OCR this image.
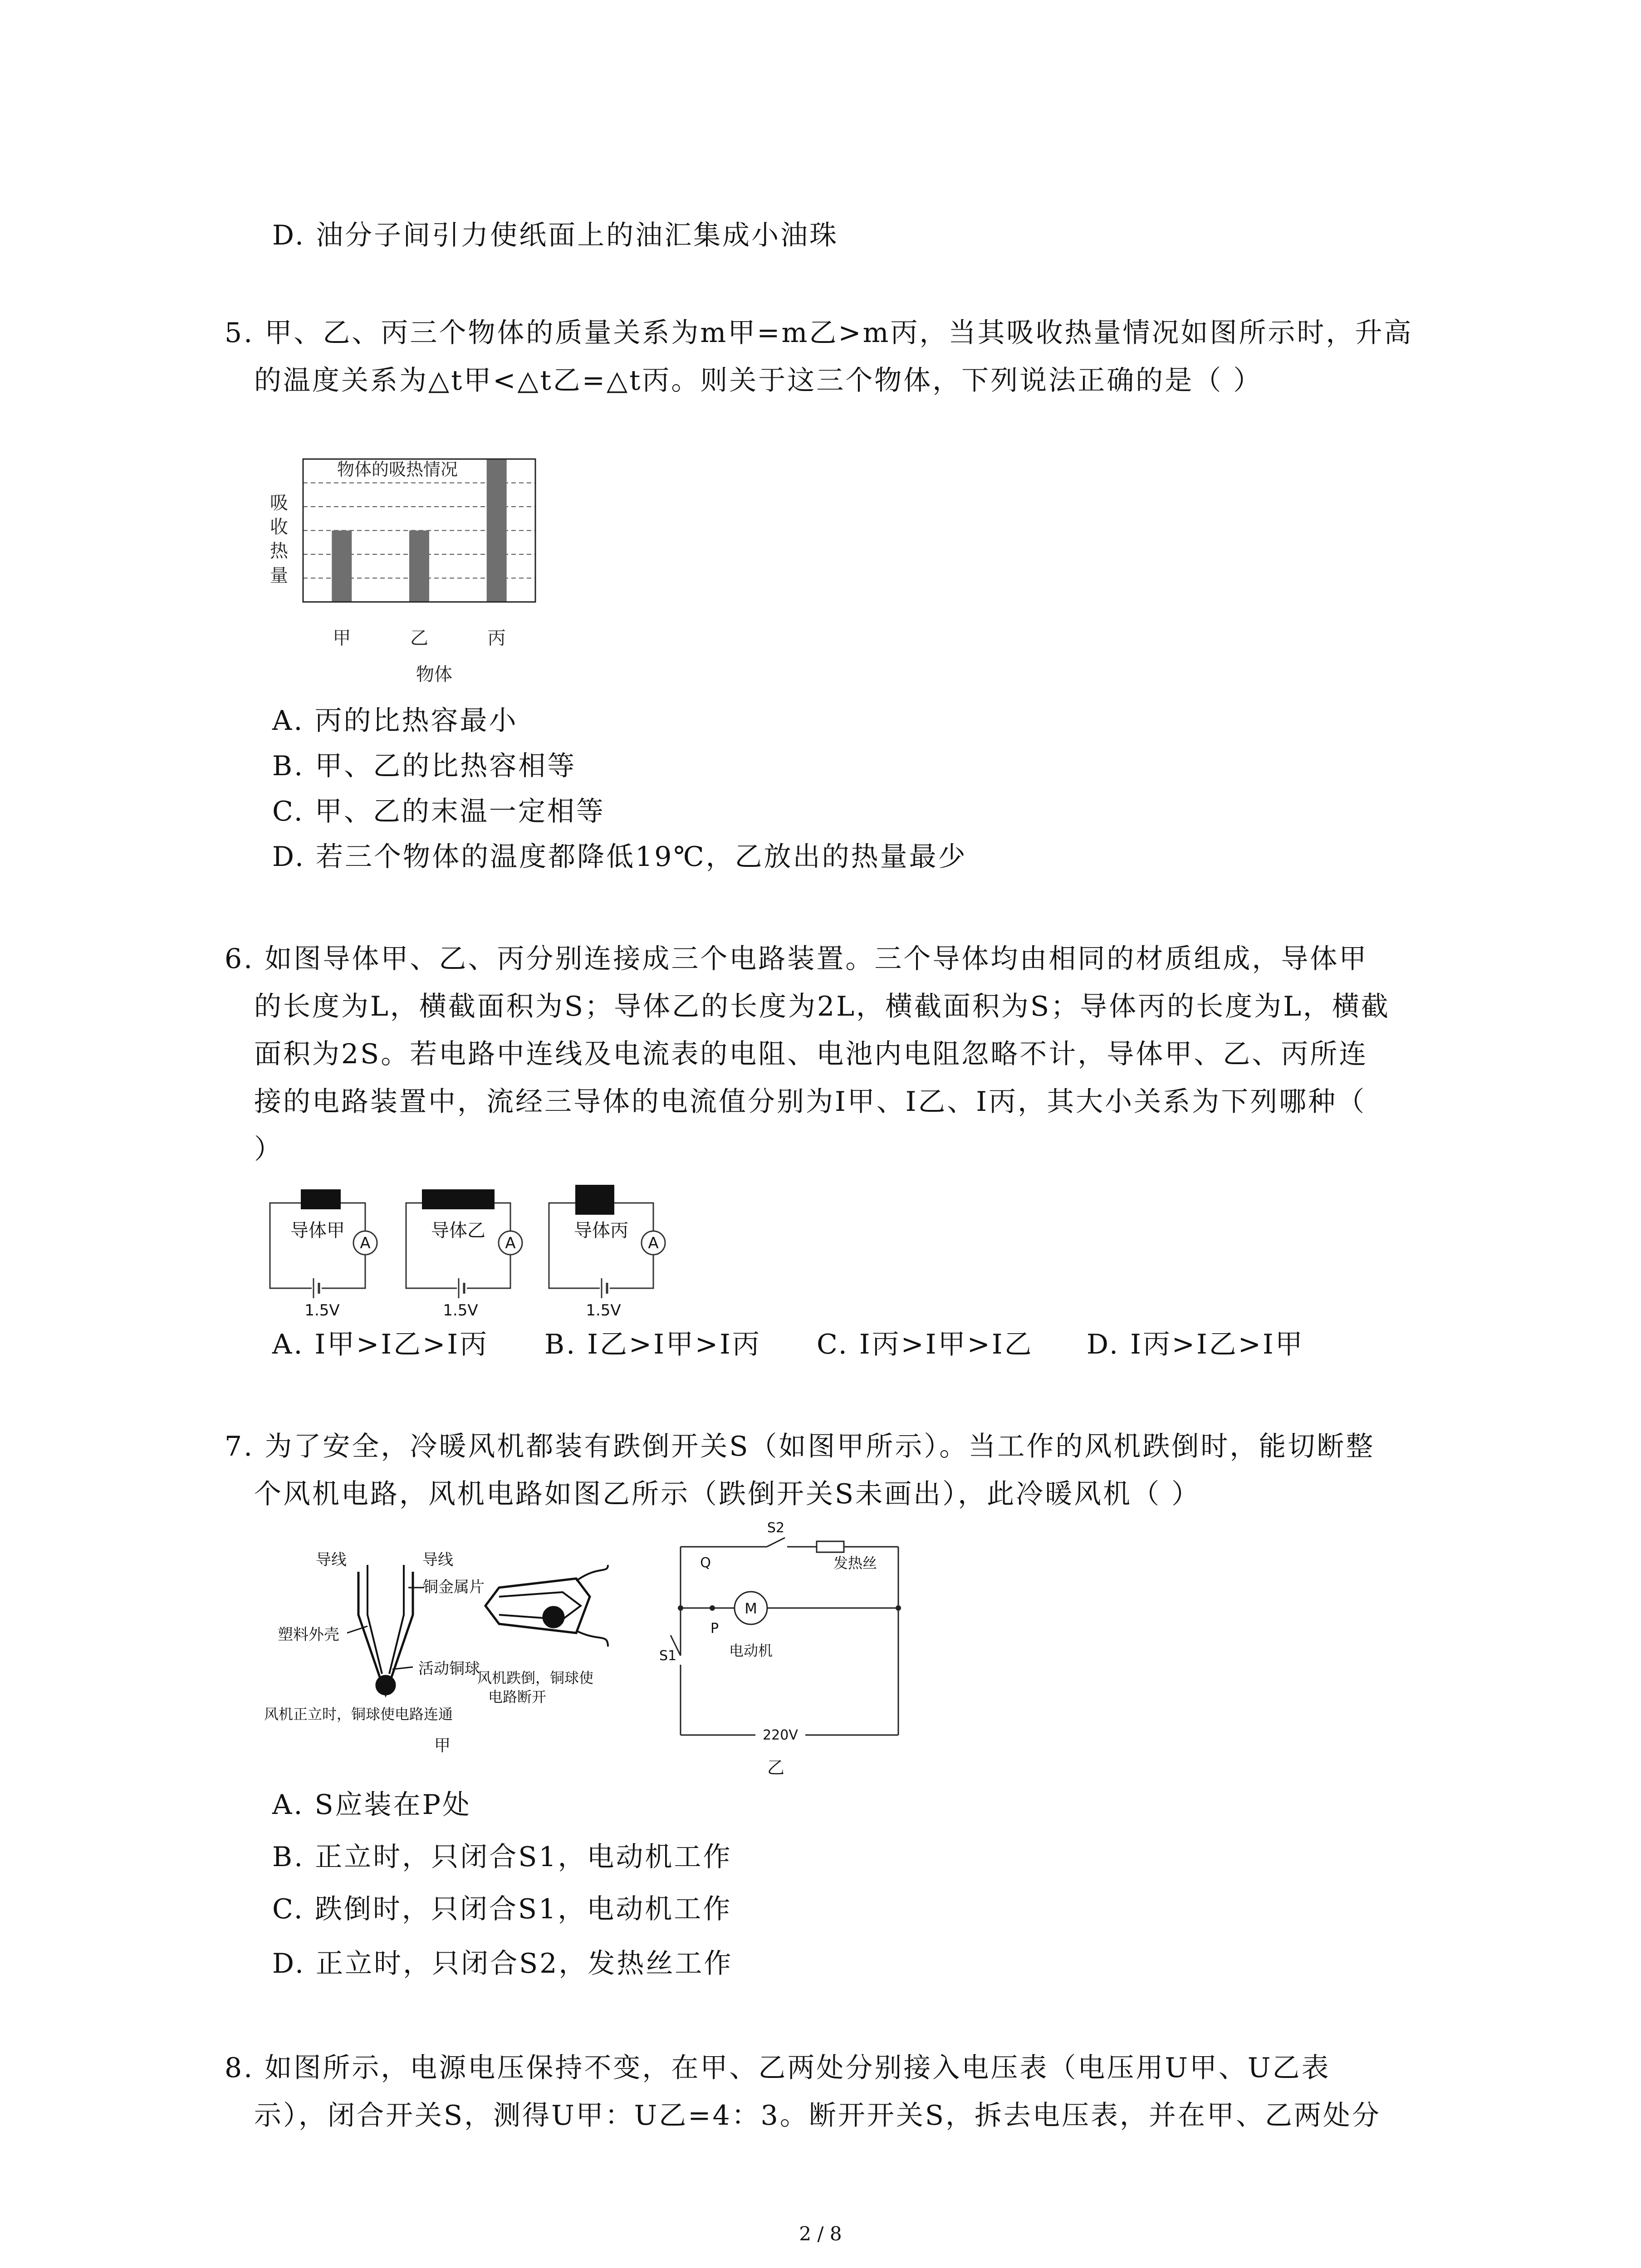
D. 油分子间引力使纸面上的油汇集成小油珠
5. 甲、乙、丙三个物体的质量关系为m甲=m乙>m丙，当其吸收热量情况如图所示时，升高
的温度关系为△t甲<△t乙=△t丙。则关于这三个物体，下列说法正确的是（ ）
物体的吸热情况
吸
收
热
量
甲	乙	丙
物体
A. 丙的比热容最小
B. 甲、乙的比热容相等
C. 甲、乙的末温一定相等
D. 若三个物体的温度都降低19℃，乙放出的热量最少
6. 如图导体甲、乙、丙分别连接成三个电路装置。三个导体均由相同的材质组成，导体甲
的长度为L，横截面积为S；导体乙的长度为2L，横截面积为S；导体丙的长度为L，横截
面积为2S。若电路中连线及电流表的电阻、电池内电阻忽略不计，导体甲、乙、丙所连
接的电路装置中，流经三导体的电流值分别为I甲、I乙、I丙，其大小关系为下列哪种（
）
导体甲
A
1.5V
导体乙
A
1.5V
导体丙
A
1.5V
A. I甲>I乙>I丙 B. I乙>I甲>I丙 C. I丙>I甲>I乙 D. I丙>I乙>I甲
7. 为了安全，冷暖风机都装有跌倒开关S（如图甲所示）。当工作的风机跌倒时，能切断整
个风机电路，风机电路如图乙所示（跌倒开关S未画出），此冷暖风机（ ）
导线	导线
铜金属片
塑料外壳
活动铜球
风机跌倒，铜球使
电路断开
风机正立时，铜球使电路连通
甲
S2
Q	发热丝
P
M
电动机
S1
220V
乙
A. S应装在P处
B. 正立时，只闭合S1，电动机工作
C. 跌倒时，只闭合S1，电动机工作
D. 正立时，只闭合S2，发热丝工作
8. 如图所示，电源电压保持不变，在甲、乙两处分别接入电压表（电压用U甲、U乙表
示），闭合开关S，测得U甲：U乙=4：3。断开开关S，拆去电压表，并在甲、乙两处分
2 / 8
